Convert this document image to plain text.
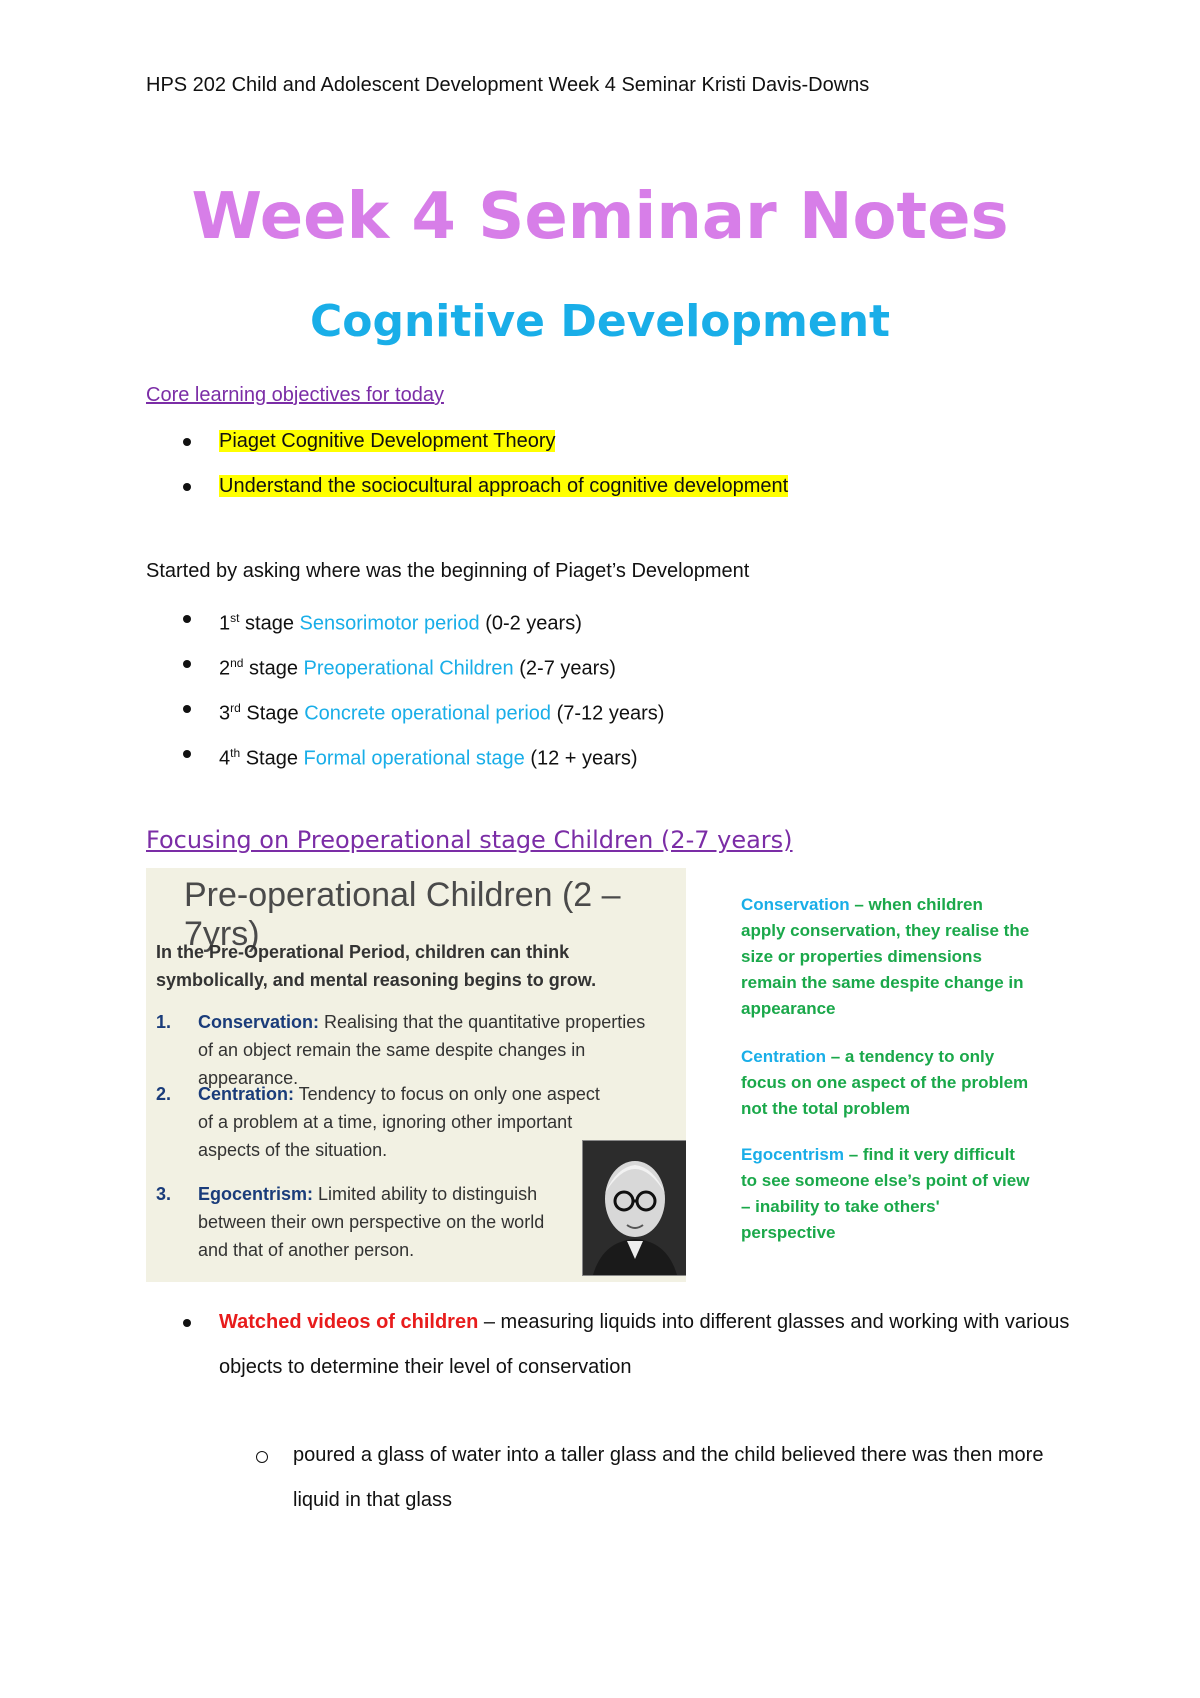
HPS 202 Child and Adolescent Development Week 4 Seminar Kristi Davis-Downs
Week 4 Seminar Notes
Cognitive Development
Core learning objectives for today
Piaget Cognitive Development Theory
Understand the sociocultural approach of cognitive development
Started by asking where was the beginning of Piaget’s Development
1st stage Sensorimotor period (0-2 years)
2nd stage Preoperational Children (2-7 years)
3rd Stage Concrete operational period (7-12 years)
4th Stage Formal operational stage (12 + years)
Focusing on Preoperational stage Children (2-7 years)
Pre-operational Children (2 – 7yrs)
In the Pre-Operational Period, children can think symbolically, and mental reasoning begins to grow.
1. Conservation: Realising that the quantitative properties of an object remain the same despite changes in appearance.
2. Centration: Tendency to focus on only one aspect of a problem at a time, ignoring other important aspects of the situation.
3. Egocentrism: Limited ability to distinguish between their own perspective on the world and that of another person.
Conservation – when children apply conservation, they realise the size or properties dimensions remain the same despite change in appearance
Centration – a tendency to only focus on one aspect of the problem not the total problem
Egocentrism – find it very difficult to see someone else’s point of view – inability to take others' perspective
Watched videos of children – measuring liquids into different glasses and working with various objects to determine their level of conservation
poured a glass of water into a taller glass and the child believed there was then more liquid in that glass
